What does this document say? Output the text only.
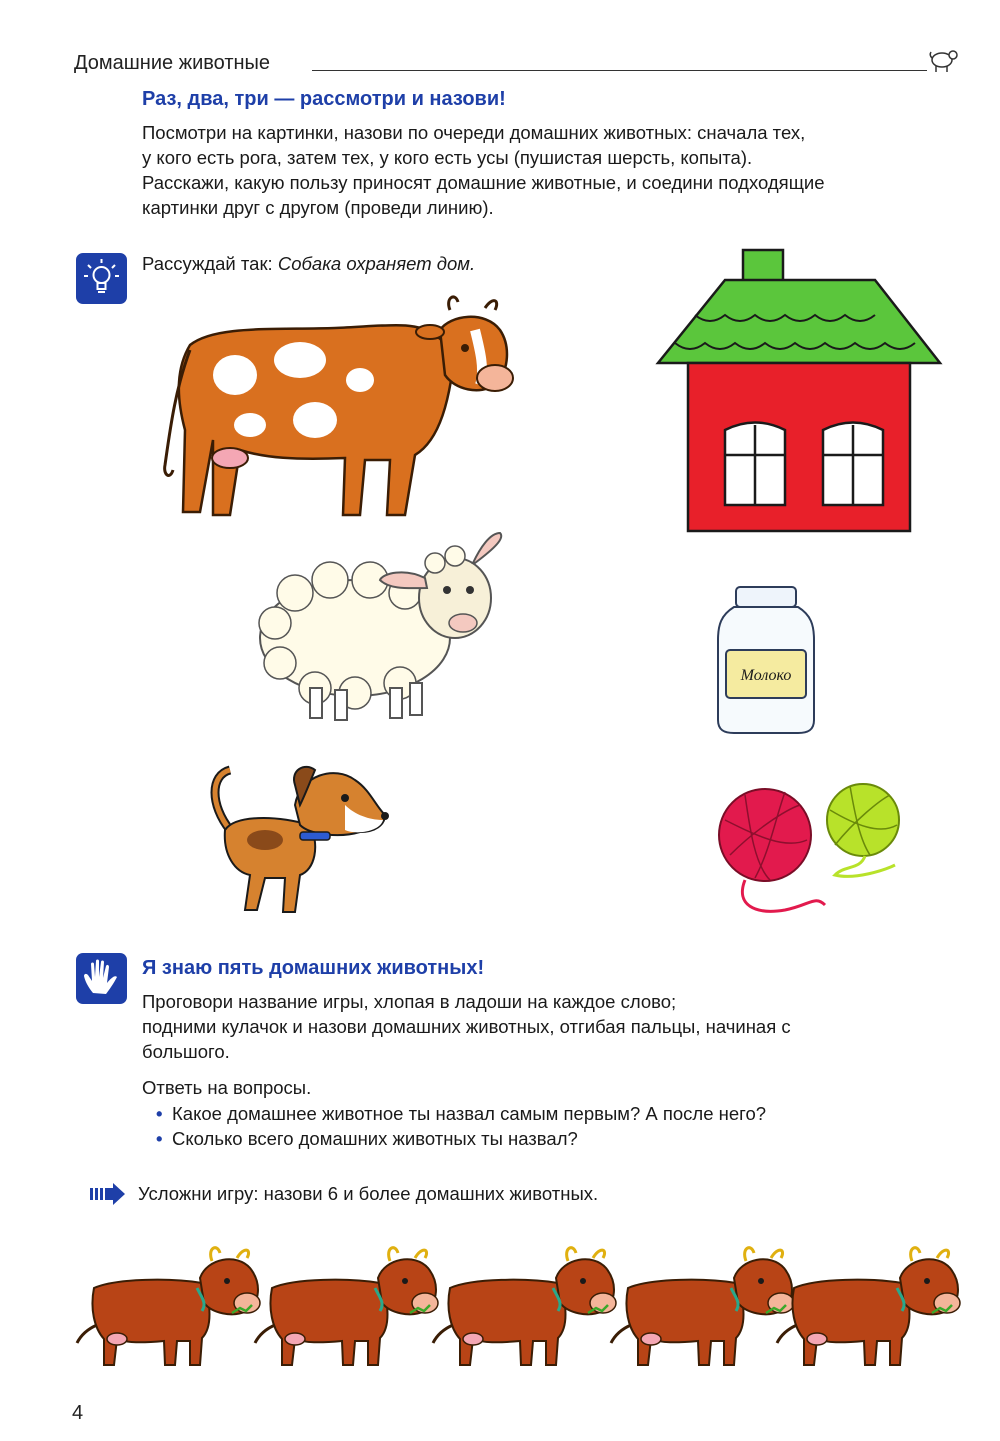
Домашние животные
Раз, два, три — рассмотри и назови!
Посмотри на картинки, назови по очереди домашних животных: сначала тех,
у кого есть рога, затем тех, у кого есть усы (пушистая шерсть, копыта).
Расскажи, какую пользу приносят домашние животные, и соедини подходящие
картинки друг с другом (проведи линию).
Рассуждай так: Собака охраняет дом.
Молоко
Я знаю пять домашних животных!
Проговори название игры, хлопая в ладоши на каждое слово;
подними кулачок и назови домашних животных, отгибая пальцы, начиная с
большого.
Ответь на вопросы.
• Какое домашнее животное ты назвал самым первым? А после него?
• Сколько всего домашних животных ты назвал?
Усложни игру: назови 6 и более домашних животных.
4
